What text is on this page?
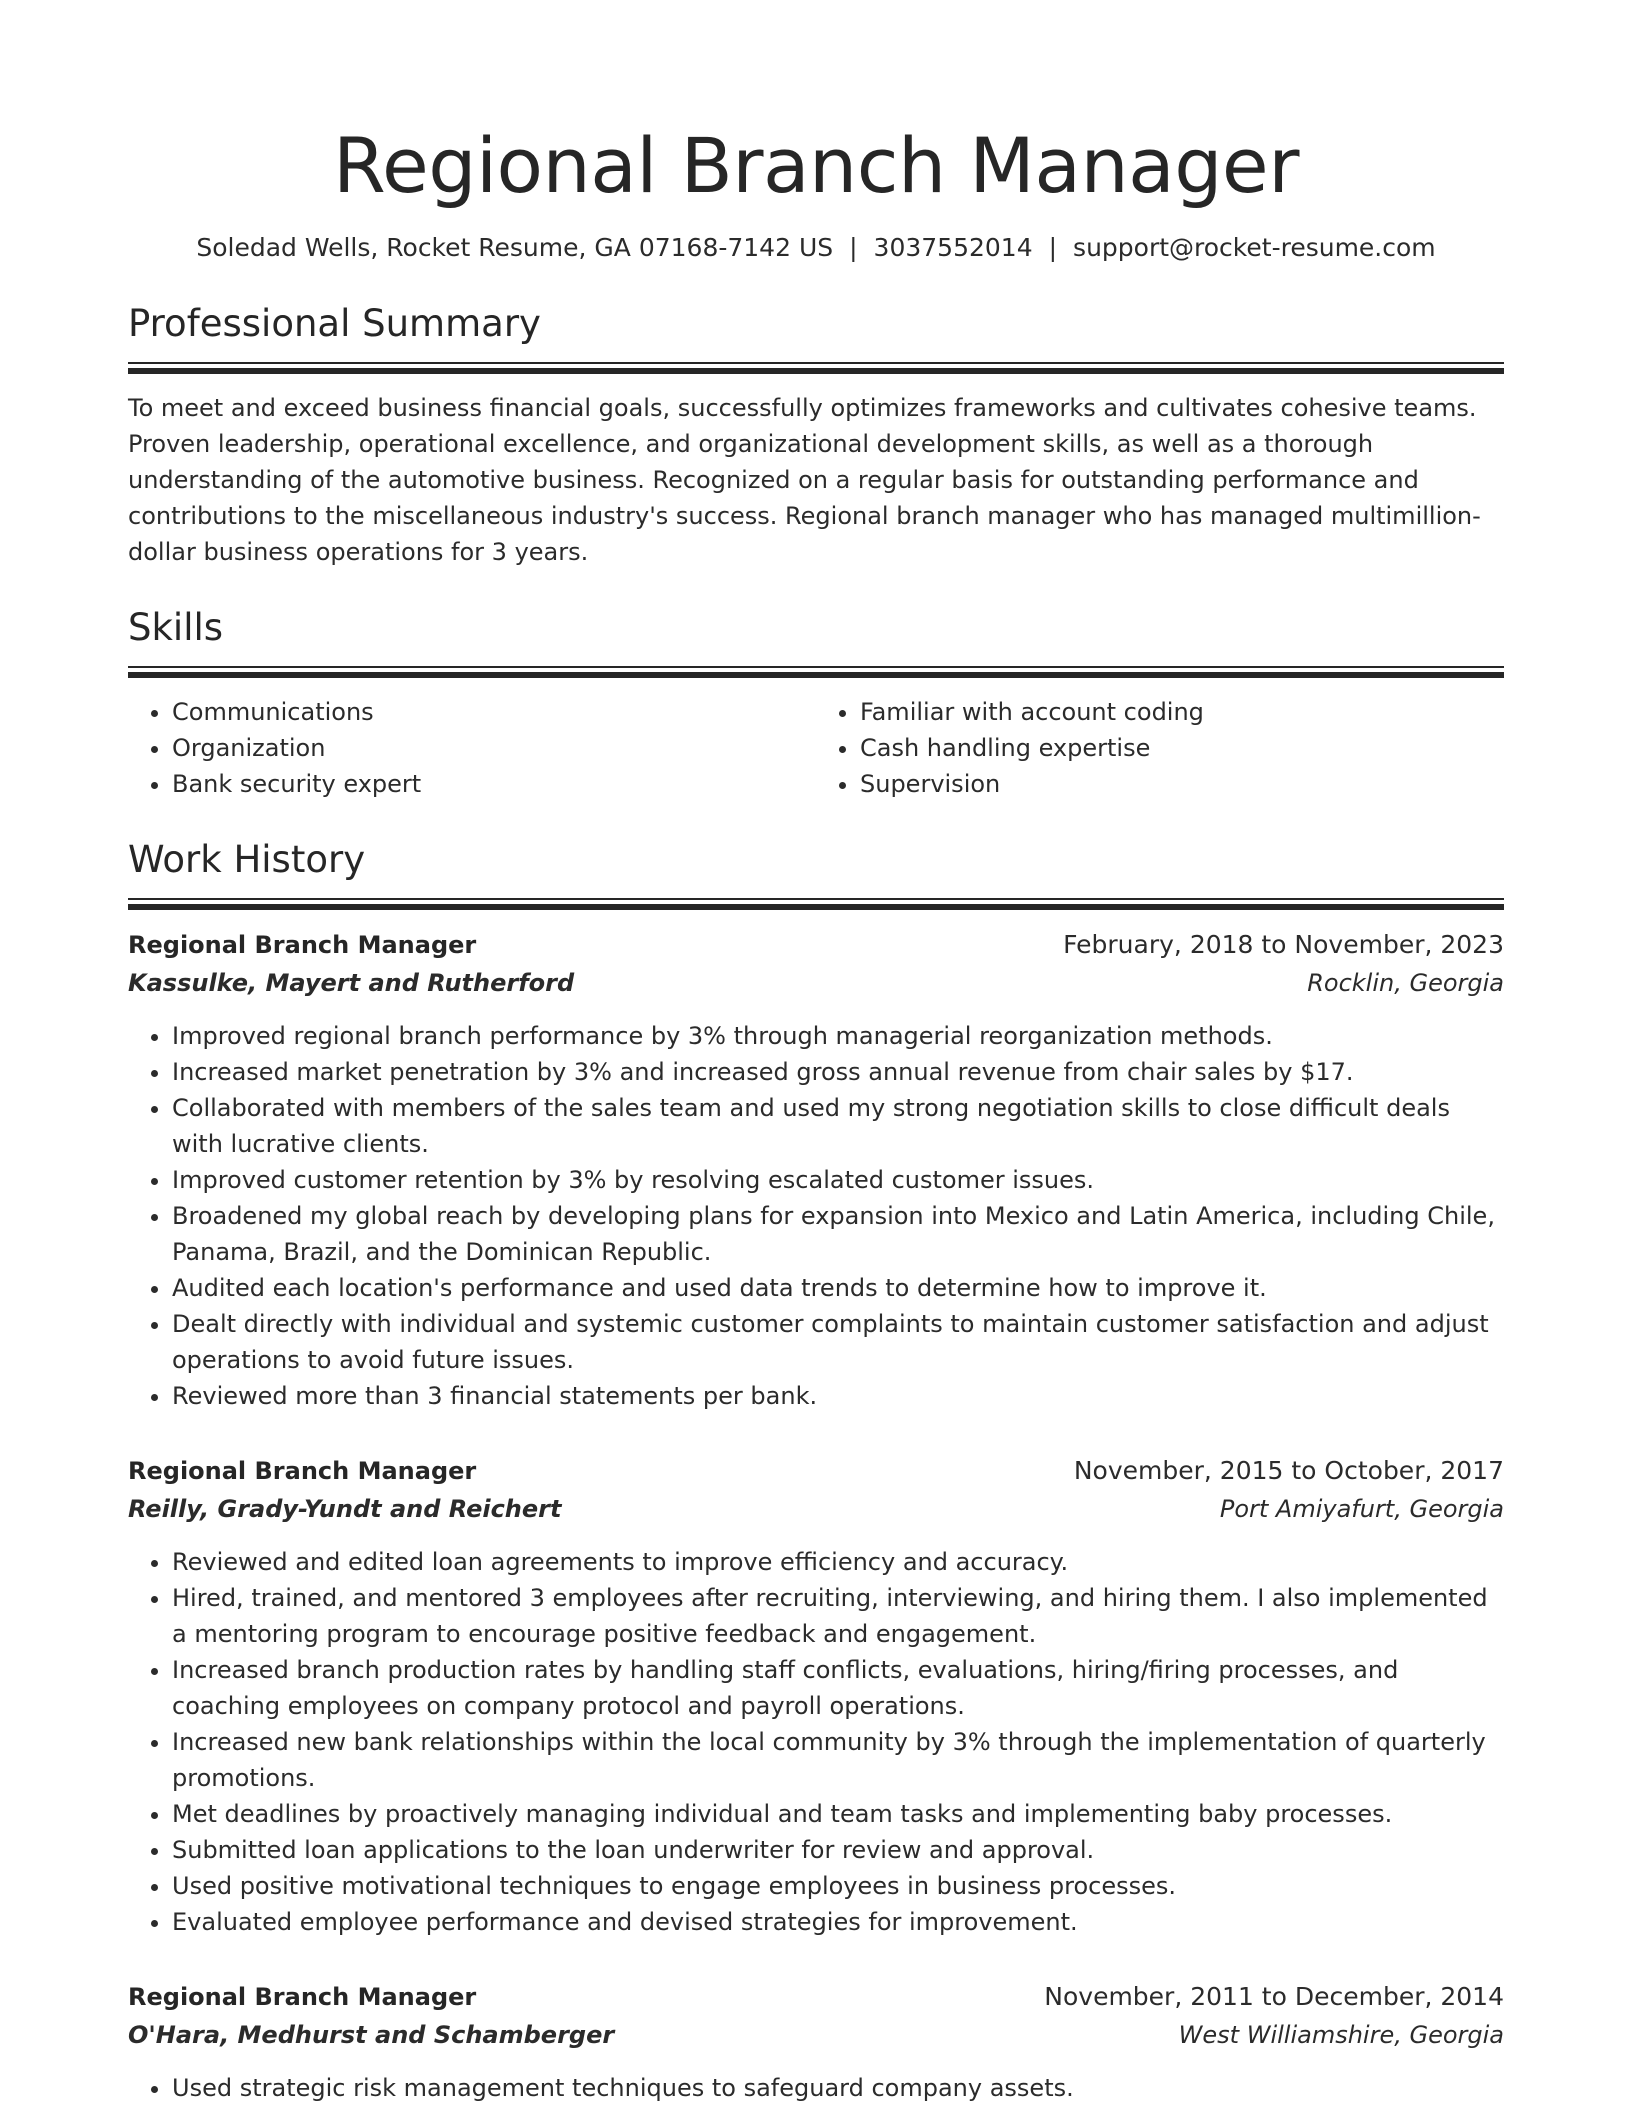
Regional Branch Manager
Soledad Wells, Rocket Resume, GA 07168-7142 US | 3037552014 | support@rocket-resume.com
Professional Summary

To meet and exceed business financial goals, successfully optimizes frameworks and cultivates cohesive teams. Proven leadership, operational excellence, and organizational development skills, as well as a thorough understanding of the automotive business. Recognized on a regular basis for outstanding performance and contributions to the miscellaneous industry's success. Regional branch manager who has managed multimillion-dollar business operations for 3 years.

Skills
• Communications
• Organization
• Bank security expert
• Familiar with account coding
• Cash handling expertise
• Supervision
Work History
Regional Branch Manager	February, 2018 to November, 2023
Kassulke, Mayert and Rutherford	Rocklin, Georgia
• Improved regional branch performance by 3% through managerial reorganization methods.
• Increased market penetration by 3% and increased gross annual revenue from chair sales by $17.
• Collaborated with members of the sales team and used my strong negotiation skills to close difficult deals with lucrative clients.
• Improved customer retention by 3% by resolving escalated customer issues.
• Broadened my global reach by developing plans for expansion into Mexico and Latin America, including Chile, Panama, Brazil, and the Dominican Republic.
• Audited each location's performance and used data trends to determine how to improve it.
• Dealt directly with individual and systemic customer complaints to maintain customer satisfaction and adjust operations to avoid future issues.
• Reviewed more than 3 financial statements per bank.
Regional Branch Manager	November, 2015 to October, 2017
Reilly, Grady-Yundt and Reichert	Port Amiyafurt, Georgia
• Reviewed and edited loan agreements to improve efficiency and accuracy.
• Hired, trained, and mentored 3 employees after recruiting, interviewing, and hiring them. I also implemented a mentoring program to encourage positive feedback and engagement.
• Increased branch production rates by handling staff conflicts, evaluations, hiring/firing processes, and coaching employees on company protocol and payroll operations.
• Increased new bank relationships within the local community by 3% through the implementation of quarterly promotions.
• Met deadlines by proactively managing individual and team tasks and implementing baby processes.
• Submitted loan applications to the loan underwriter for review and approval.
• Used positive motivational techniques to engage employees in business processes.
• Evaluated employee performance and devised strategies for improvement.
Regional Branch Manager	November, 2011 to December, 2014
O'Hara, Medhurst and Schamberger	West Williamshire, Georgia
• Used strategic risk management techniques to safeguard company assets.
